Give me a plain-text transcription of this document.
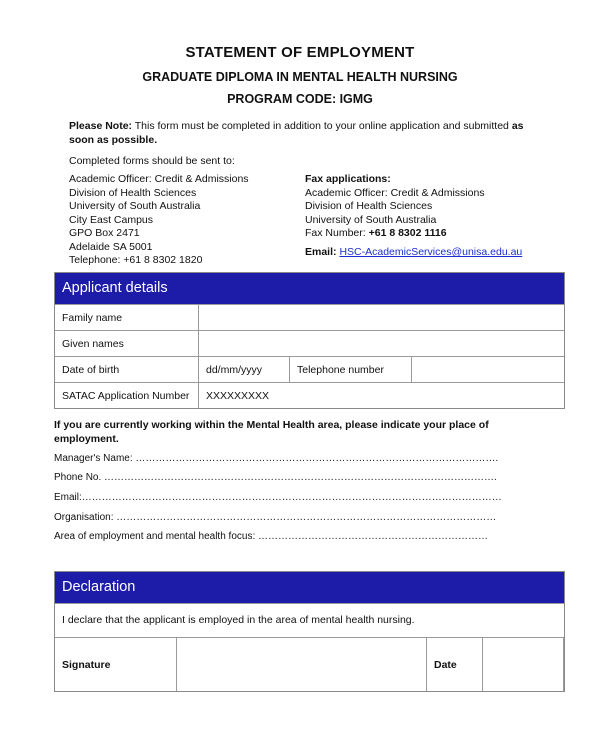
STATEMENT OF EMPLOYMENT
GRADUATE DIPLOMA IN MENTAL HEALTH NURSING
PROGRAM CODE: IGMG
Please Note: This form must be completed in addition to your online application and submitted as soon as possible.
Completed forms should be sent to:
Academic Officer: Credit & Admissions
Division of Health Sciences
University of South Australia
City East Campus
GPO Box 2471
Adelaide SA 5001
Telephone: +61 8 8302 1820
Fax applications:
Academic Officer: Credit & Admissions
Division of Health Sciences
University of South Australia
Fax Number: +61 8 8302 1116
Email: HSC-AcademicServices@unisa.edu.au
Applicant details
Family name
Given names
Date of birth	dd/mm/yyyy	Telephone number
SATAC Application Number	XXXXXXXXX
If you are currently working within the Mental Health area, please indicate your place of employment.
Manager's Name: ……………………………………………………………………………………………….
Phone No. ……………………………………………………………………………………………………….
Email:………………………………………………………………………………………………………………
Organisation: ……………………………………………………………………………………………………
Area of employment and mental health focus: ……………………………………………………………
Declaration
I declare that the applicant is employed in the area of mental health nursing.
Signature	Date
